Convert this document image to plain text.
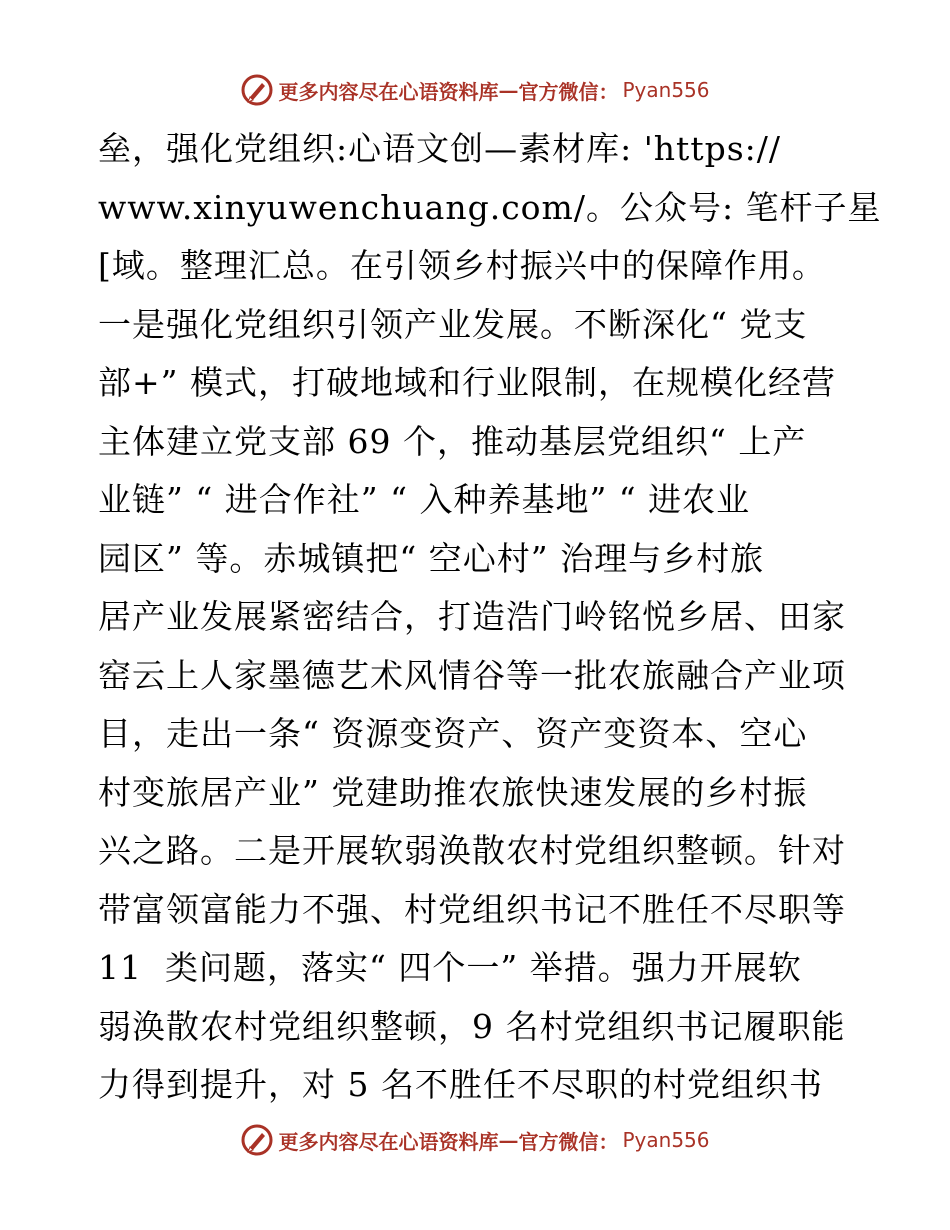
更多内容尽在心语资料库 — 官方微信： Pyan556
垒，强化党组织:心语文创—素材库: 'https://
www.xinyuwenchuang.com/。公众号: 笔杆子星
[域。整理汇总。在引领乡村振兴中的保障作用。
一是强化党组织引领产业发展。不断深化“ 党支
部+” 模式，打破地域和行业限制，在规模化经营
主体建立党支部 69 个，推动基层党组织“ 上产
业链” “ 进合作社” “ 入种养基地” “ 进农业
园区” 等。赤城镇把“ 空心村” 治理与乡村旅
居产业发展紧密结合，打造浩门岭铭悦乡居、田家
窑云上人家墨德艺术风情谷等一批农旅融合产业项
目，走出一条“ 资源变资产、资产变资本、空心
村变旅居产业” 党建助推农旅快速发展的乡村振
兴之路。二是开展软弱涣散农村党组织整顿。针对
带富领富能力不强、村党组织书记不胜任不尽职等
11  类问题，落实“ 四个一” 举措。强力开展软
弱涣散农村党组织整顿，9 名村党组织书记履职能
力得到提升，对 5 名不胜任不尽职的村党组织书
更多内容尽在心语资料库 — 官方微信： Pyan556
